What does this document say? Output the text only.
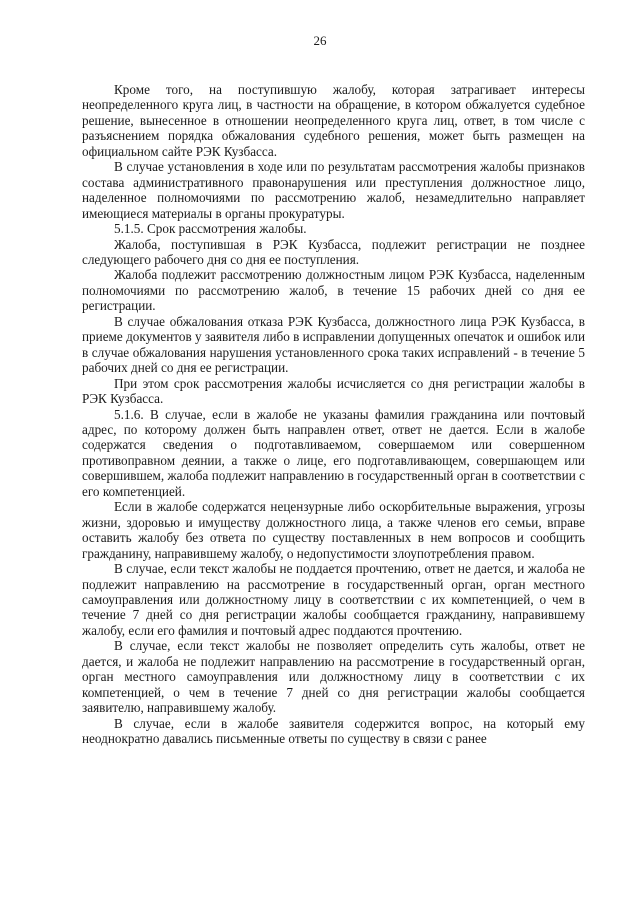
26

Кроме того, на поступившую жалобу, которая затрагивает интересы неопределенного круга лиц, в частности на обращение, в котором обжалуется судебное решение, вынесенное в отношении неопределенного круга лиц, ответ, в том числе с разъяснением порядка обжалования судебного решения, может быть размещен на официальном сайте РЭК Кузбасса.

В случае установления в ходе или по результатам рассмотрения жалобы признаков состава административного правонарушения или преступления должностное лицо, наделенное полномочиями по рассмотрению жалоб, незамедлительно направляет имеющиеся материалы в органы прокуратуры.

5.1.5. Срок рассмотрения жалобы.

Жалоба, поступившая в РЭК Кузбасса, подлежит регистрации не позднее следующего рабочего дня со дня ее поступления.

Жалоба подлежит рассмотрению должностным лицом РЭК Кузбасса, наделенным полномочиями по рассмотрению жалоб, в течение 15 рабочих дней со дня ее регистрации.

В случае обжалования отказа РЭК Кузбасса, должностного лица РЭК Кузбасса, в приеме документов у заявителя либо в исправлении допущенных опечаток и ошибок или в случае обжалования нарушения установленного срока таких исправлений - в течение 5 рабочих дней со дня ее регистрации.

При этом срок рассмотрения жалобы исчисляется со дня регистрации жалобы в РЭК Кузбасса.

5.1.6. В случае, если в жалобе не указаны фамилия гражданина или почтовый адрес, по которому должен быть направлен ответ, ответ не дается. Если в жалобе содержатся сведения о подготавливаемом, совершаемом или совершенном противоправном деянии, а также о лице, его подготавливающем, совершающем или совершившем, жалоба подлежит направлению в государственный орган в соответствии с его компетенцией.

Если в жалобе содержатся нецензурные либо оскорбительные выражения, угрозы жизни, здоровью и имуществу должностного лица, а также членов его семьи, вправе оставить жалобу без ответа по существу поставленных в нем вопросов и сообщить гражданину, направившему жалобу, о недопустимости злоупотребления правом.

В случае, если текст жалобы не поддается прочтению, ответ не дается, и жалоба не подлежит направлению на рассмотрение в государственный орган, орган местного самоуправления или должностному лицу в соответствии с их компетенцией, о чем в течение 7 дней со дня регистрации жалобы сообщается гражданину, направившему жалобу, если его фамилия и почтовый адрес поддаются прочтению.

В случае, если текст жалобы не позволяет определить суть жалобы, ответ не дается, и жалоба не подлежит направлению на рассмотрение в государственный орган, орган местного самоуправления или должностному лицу в соответствии с их компетенцией, о чем в течение 7 дней со дня регистрации жалобы сообщается заявителю, направившему жалобу.

В случае, если в жалобе заявителя содержится вопрос, на который ему неоднократно давались письменные ответы по существу в связи с ранее
